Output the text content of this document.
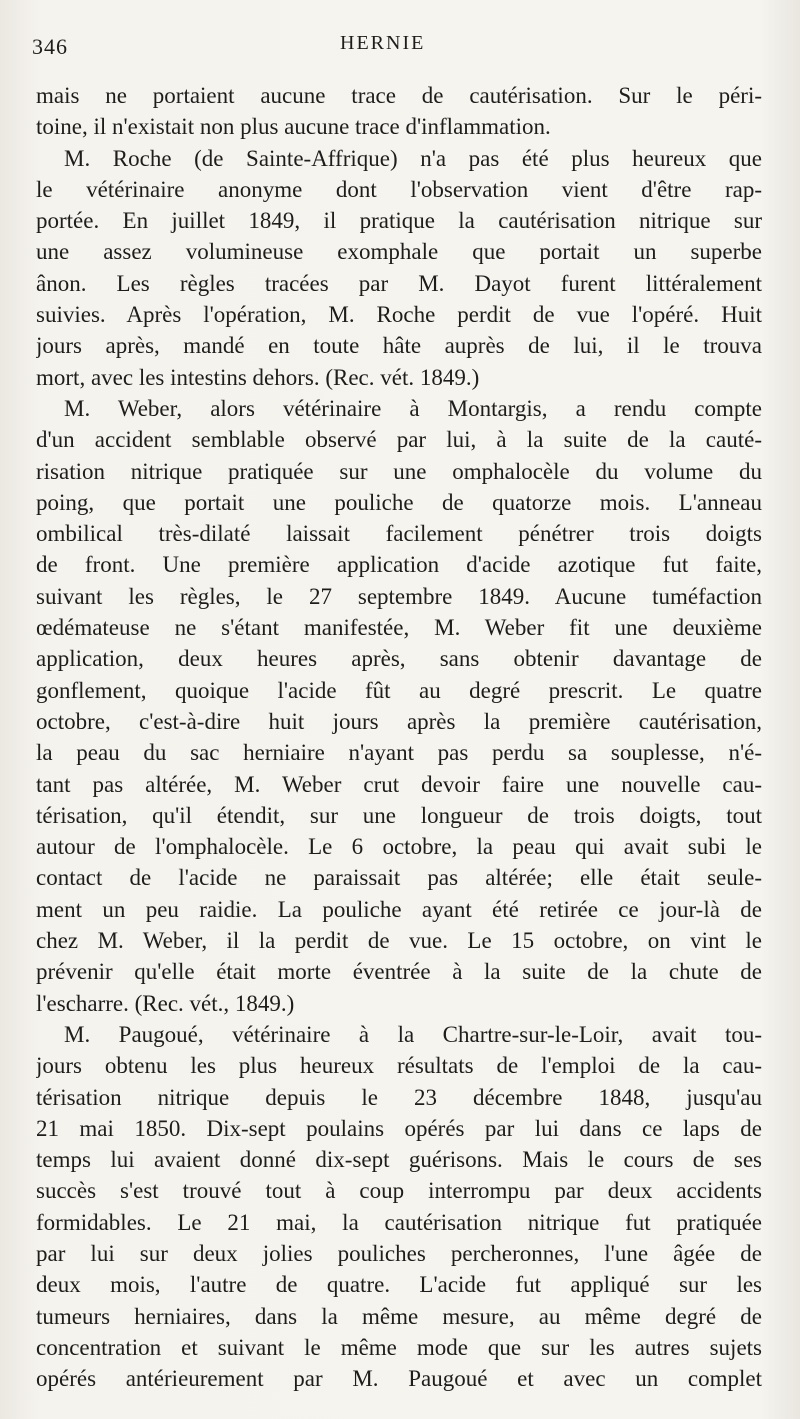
346	HERNIE
mais ne portaient aucune trace de cautérisation. Sur le péri-
toine, il n'existait non plus aucune trace d'inflammation.
M. Roche (de Sainte-Affrique) n'a pas été plus heureux que
le vétérinaire anonyme dont l'observation vient d'être rap-
portée. En juillet 1849, il pratique la cautérisation nitrique sur
une assez volumineuse exomphale que portait un superbe
ânon. Les règles tracées par M. Dayot furent littéralement
suivies. Après l'opération, M. Roche perdit de vue l'opéré. Huit
jours après, mandé en toute hâte auprès de lui, il le trouva
mort, avec les intestins dehors. (Rec. vét. 1849.)
M. Weber, alors vétérinaire à Montargis, a rendu compte
d'un accident semblable observé par lui, à la suite de la cauté-
risation nitrique pratiquée sur une omphalocèle du volume du
poing, que portait une pouliche de quatorze mois. L'anneau
ombilical très-dilaté laissait facilement pénétrer trois doigts
de front. Une première application d'acide azotique fut faite,
suivant les règles, le 27 septembre 1849. Aucune tuméfaction
œdémateuse ne s'étant manifestée, M. Weber fit une deuxième
application, deux heures après, sans obtenir davantage de
gonflement, quoique l'acide fût au degré prescrit. Le quatre
octobre, c'est-à-dire huit jours après la première cautérisation,
la peau du sac herniaire n'ayant pas perdu sa souplesse, n'é-
tant pas altérée, M. Weber crut devoir faire une nouvelle cau-
térisation, qu'il étendit, sur une longueur de trois doigts, tout
autour de l'omphalocèle. Le 6 octobre, la peau qui avait subi le
contact de l'acide ne paraissait pas altérée; elle était seule-
ment un peu raidie. La pouliche ayant été retirée ce jour-là de
chez M. Weber, il la perdit de vue. Le 15 octobre, on vint le
prévenir qu'elle était morte éventrée à la suite de la chute de
l'escharre. (Rec. vét., 1849.)
M. Paugoué, vétérinaire à la Chartre-sur-le-Loir, avait tou-
jours obtenu les plus heureux résultats de l'emploi de la cau-
térisation nitrique depuis le 23 décembre 1848, jusqu'au
21 mai 1850. Dix-sept poulains opérés par lui dans ce laps de
temps lui avaient donné dix-sept guérisons. Mais le cours de ses
succès s'est trouvé tout à coup interrompu par deux accidents
formidables. Le 21 mai, la cautérisation nitrique fut pratiquée
par lui sur deux jolies pouliches percheronnes, l'une âgée de
deux mois, l'autre de quatre. L'acide fut appliqué sur les
tumeurs herniaires, dans la même mesure, au même degré de
concentration et suivant le même mode que sur les autres sujets
opérés antérieurement par M. Paugoué et avec un complet
